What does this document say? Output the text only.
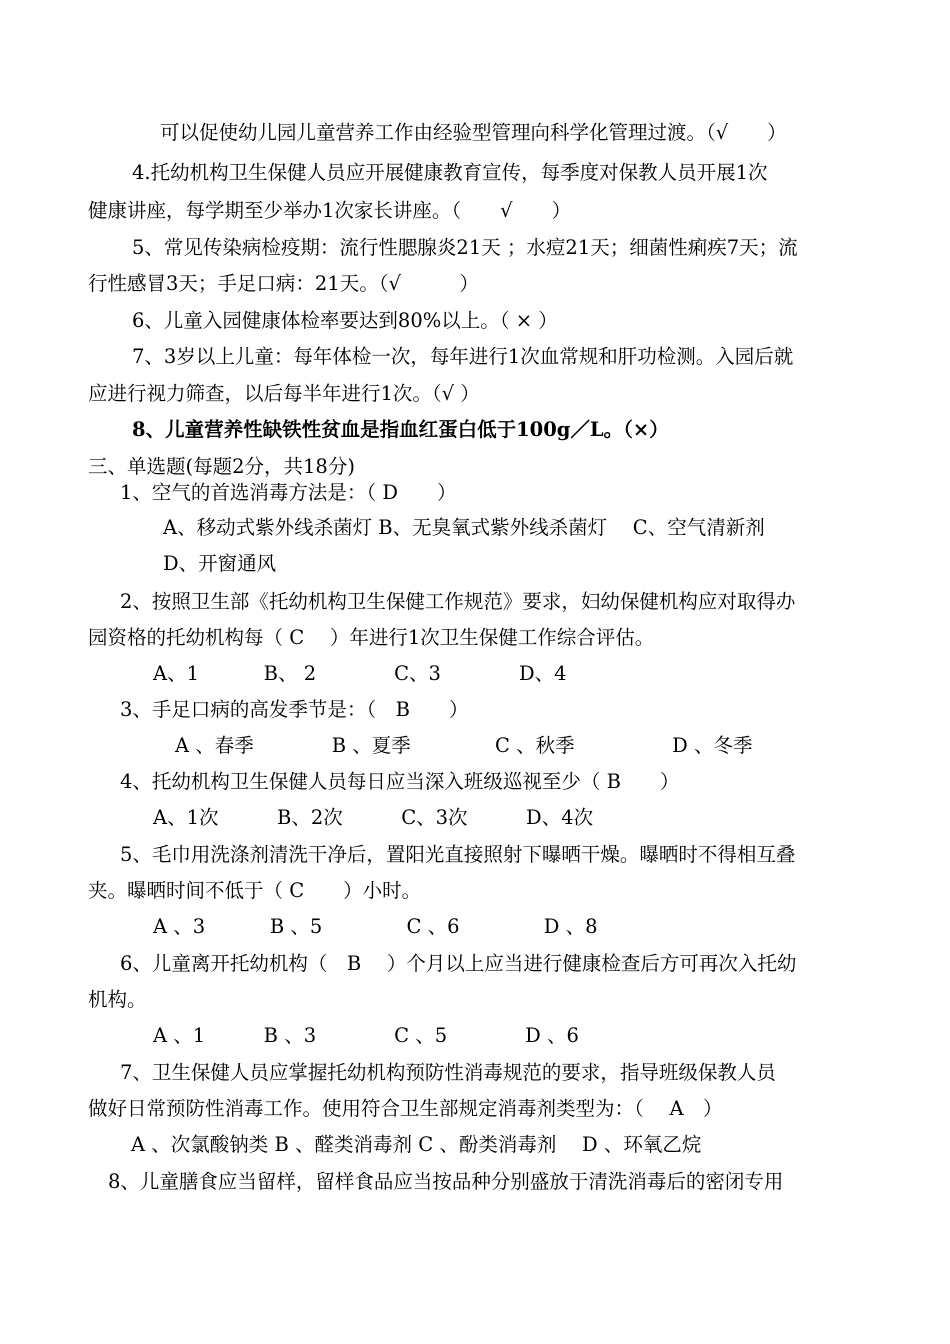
可以促使幼儿园儿童营养工作由经验型管理向科学化管理过渡。（√　　）
4.托幼机构卫生保健人员应开展健康教育宣传，每季度对保教人员开展1次
健康讲座，每学期至少举办1次家长讲座。（　　√　　）
5、常见传染病检疫期：流行性腮腺炎21天 ；水痘21天；细菌性痢疾7天；流
行性感冒3天；手足口病：21天。（√　　　）
6、儿童入园健康体检率要达到80%以上。（ × ）
7、3岁以上儿童：每年体检一次，每年进行1次血常规和肝功检测。入园后就
应进行视力筛查，以后每半年进行1次。（√ ）
8、儿童营养性缺铁性贫血是指血红蛋白低于100g／L。（×）
三、单选题(每题2分，共18分)
1、空气的首选消毒方法是：（ D　　）
A、移动式紫外线杀菌灯 B、无臭氧式紫外线杀菌灯　 C、空气清新剂
D、开窗通风
2、按照卫生部《托幼机构卫生保健工作规范》要求，妇幼保健机构应对取得办
园资格的托幼机构每（ C　 ）年进行1次卫生保健工作综合评估。
A、1　　　 B、 2　　　　C、3　　　　D、4
3、手足口病的高发季节是：（　B　　）
A 、春季　　　　B 、夏季　　　　 C 、秋季　　　　　D 、冬季
4、托幼机构卫生保健人员每日应当深入班级巡视至少（ B　　）
A、1次　　　B、2次　　　C、3次　　　D、4次
5、毛巾用洗涤剂清洗干净后，置阳光直接照射下曝晒干燥。曝晒时不得相互叠
夹。曝晒时间不低于（ C　　）小时。
A 、3　　　 B 、5　　　　 C 、6　　　　 D 、8
6、儿童离开托幼机构（　B　 ）个月以上应当进行健康检查后方可再次入托幼
机构。
A 、1　　　B 、3　　　　C 、5　　　　D 、6
7、卫生保健人员应掌握托幼机构预防性消毒规范的要求，指导班级保教人员
做好日常预防性消毒工作。使用符合卫生部规定消毒剂类型为：（　 A　）
A 、次氯酸钠类 B 、醛类消毒剂 C 、酚类消毒剂　 D 、环氧乙烷
8、儿童膳食应当留样，留样食品应当按品种分别盛放于清洗消毒后的密闭专用
